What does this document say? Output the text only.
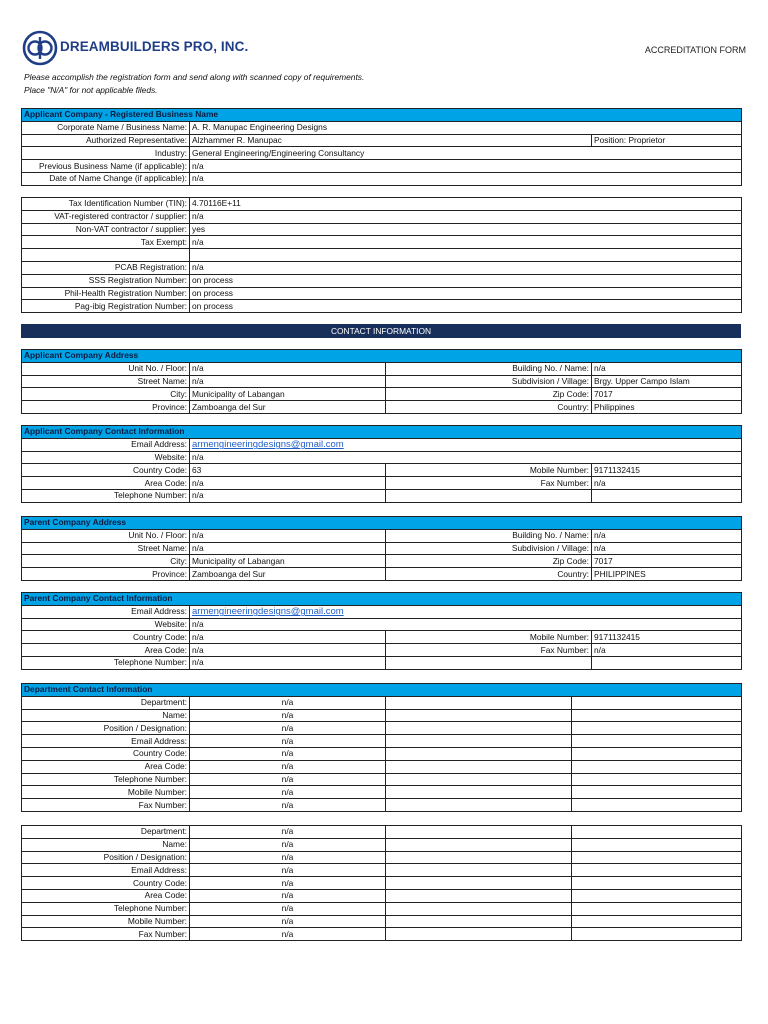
DREAMBUILDERS PRO, INC.	ACCREDITATION FORM
Please accomplish the registration form and send along with scanned copy of requirements.
Place "N/A" for not applicable fileds.
Applicant Company - Registered Business Name		
Corporate Name / Business Name:	A. R. Manupac Engineering Designs	
Authorized Representative:	Alzhammer R. Manupac	Position: Proprietor
Industry:	General Engineering/Engineering Consultancy	
Previous Business Name (if applicable):	n/a	
Date of Name Change (if applicable):	n/a	
Tax Identification Number (TIN):	4.70116E+11
VAT-registered contractor / supplier:	n/a
Non-VAT contractor / supplier:	yes
Tax Exempt:	n/a

PCAB Registration:	n/a
SSS Registration Number:	on process
Phil-Health Registration Number:	on process
Pag-ibig Registration Number:	on process
CONTACT INFORMATION
Applicant Company Address			
Unit No. / Floor:	n/a	Building No. / Name:	n/a
Street Name:	n/a	Subdivision / Village:	Brgy. Upper Campo Islam
City:	Municipality of Labangan	Zip Code:	7017
Province:	Zamboanga del Sur	Country:	Philippines
Applicant Company Contact Information			
Email Address:	armengineeringdesigns@gmail.com		
Website:	n/a		
Country Code:	63	Mobile Number:	9171132415
Area Code:	n/a	Fax Number:	n/a
Telephone Number:	n/a		
Parent Company Address			
Unit No. / Floor:	n/a	Building No. / Name:	n/a
Street Name:	n/a	Subdivision / Village:	n/a
City:	Municipality of Labangan	Zip Code:	7017
Province:	Zamboanga del Sur	Country:	PHILIPPINES
Parent Company Contact Information			
Email Address:	armengineeringdesigns@gmail.com		
Website:	n/a		
Country Code:	n/a	Mobile Number:	9171132415
Area Code:	n/a	Fax Number:	n/a
Telephone Number:	n/a		
Department Contact Information			
Department:	n/a		
Name:	n/a		
Position / Designation:	n/a		
Email Address:	n/a		
Country Code:	n/a		
Area Code:	n/a		
Telephone Number:	n/a		
Mobile Number:	n/a		
Fax Number:	n/a		
Department:	n/a		
Name:	n/a		
Position / Designation:	n/a		
Email Address:	n/a		
Country Code:	n/a		
Area Code:	n/a		
Telephone Number:	n/a		
Mobile Number:	n/a		
Fax Number:	n/a		
